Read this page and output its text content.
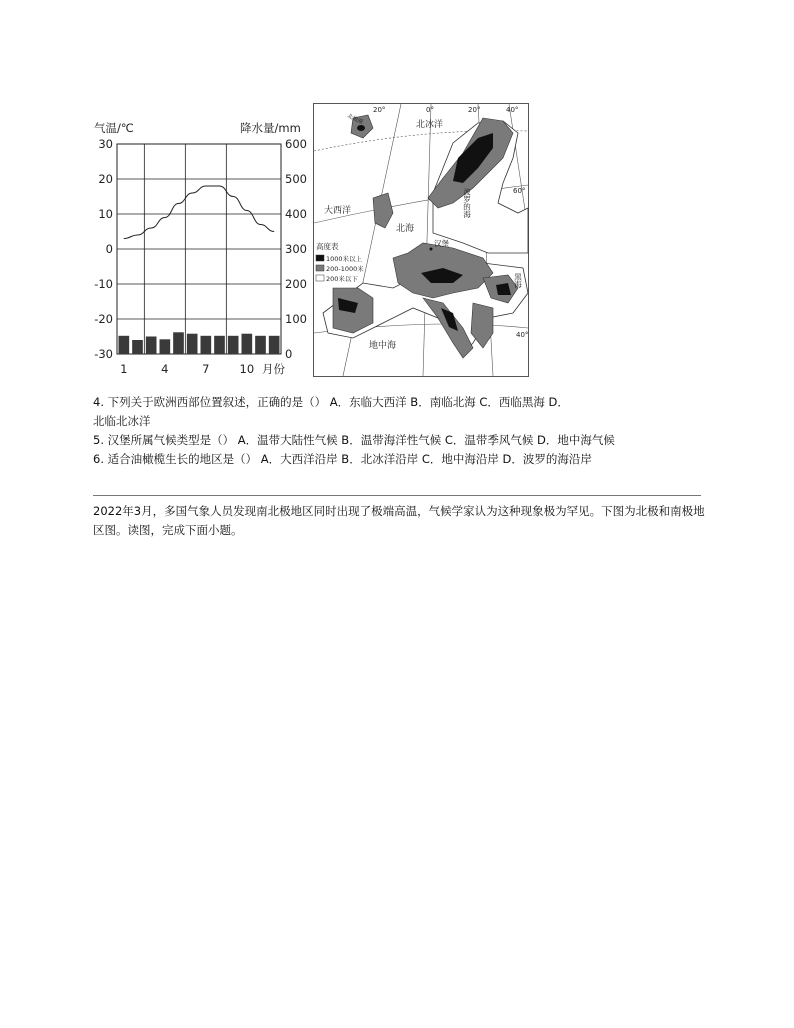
气温/℃	降水量/mm
30
20
10
0
-10
-20
-30
600
500
400
300
200
100
0
1	4	7	10 月份
20°	0°	20°	40°
60°
40°
北极圈	北冰洋
大西洋
北海
汉堡
波罗的海
黑海
地中海
高度表
1000米以上
200-1000米
200米以下
4. 下列关于欧洲西部位置叙述，正确的是（） A．东临大西洋 B．南临北海 C．西临黑海 D．
北临北冰洋
5. 汉堡所属气候类型是（） A．温带大陆性气候 B．温带海洋性气候 C．温带季风气候 D．地中海气候
6. 适合油橄榄生长的地区是（） A．大西洋沿岸 B．北冰洋沿岸 C．地中海沿岸 D．波罗的海沿岸
2022年3月，多国气象人员发现南北极地区同时出现了极端高温，气候学家认为这种现象极为罕见。下图为北极和南极地区图。读图，完成下面小题。
